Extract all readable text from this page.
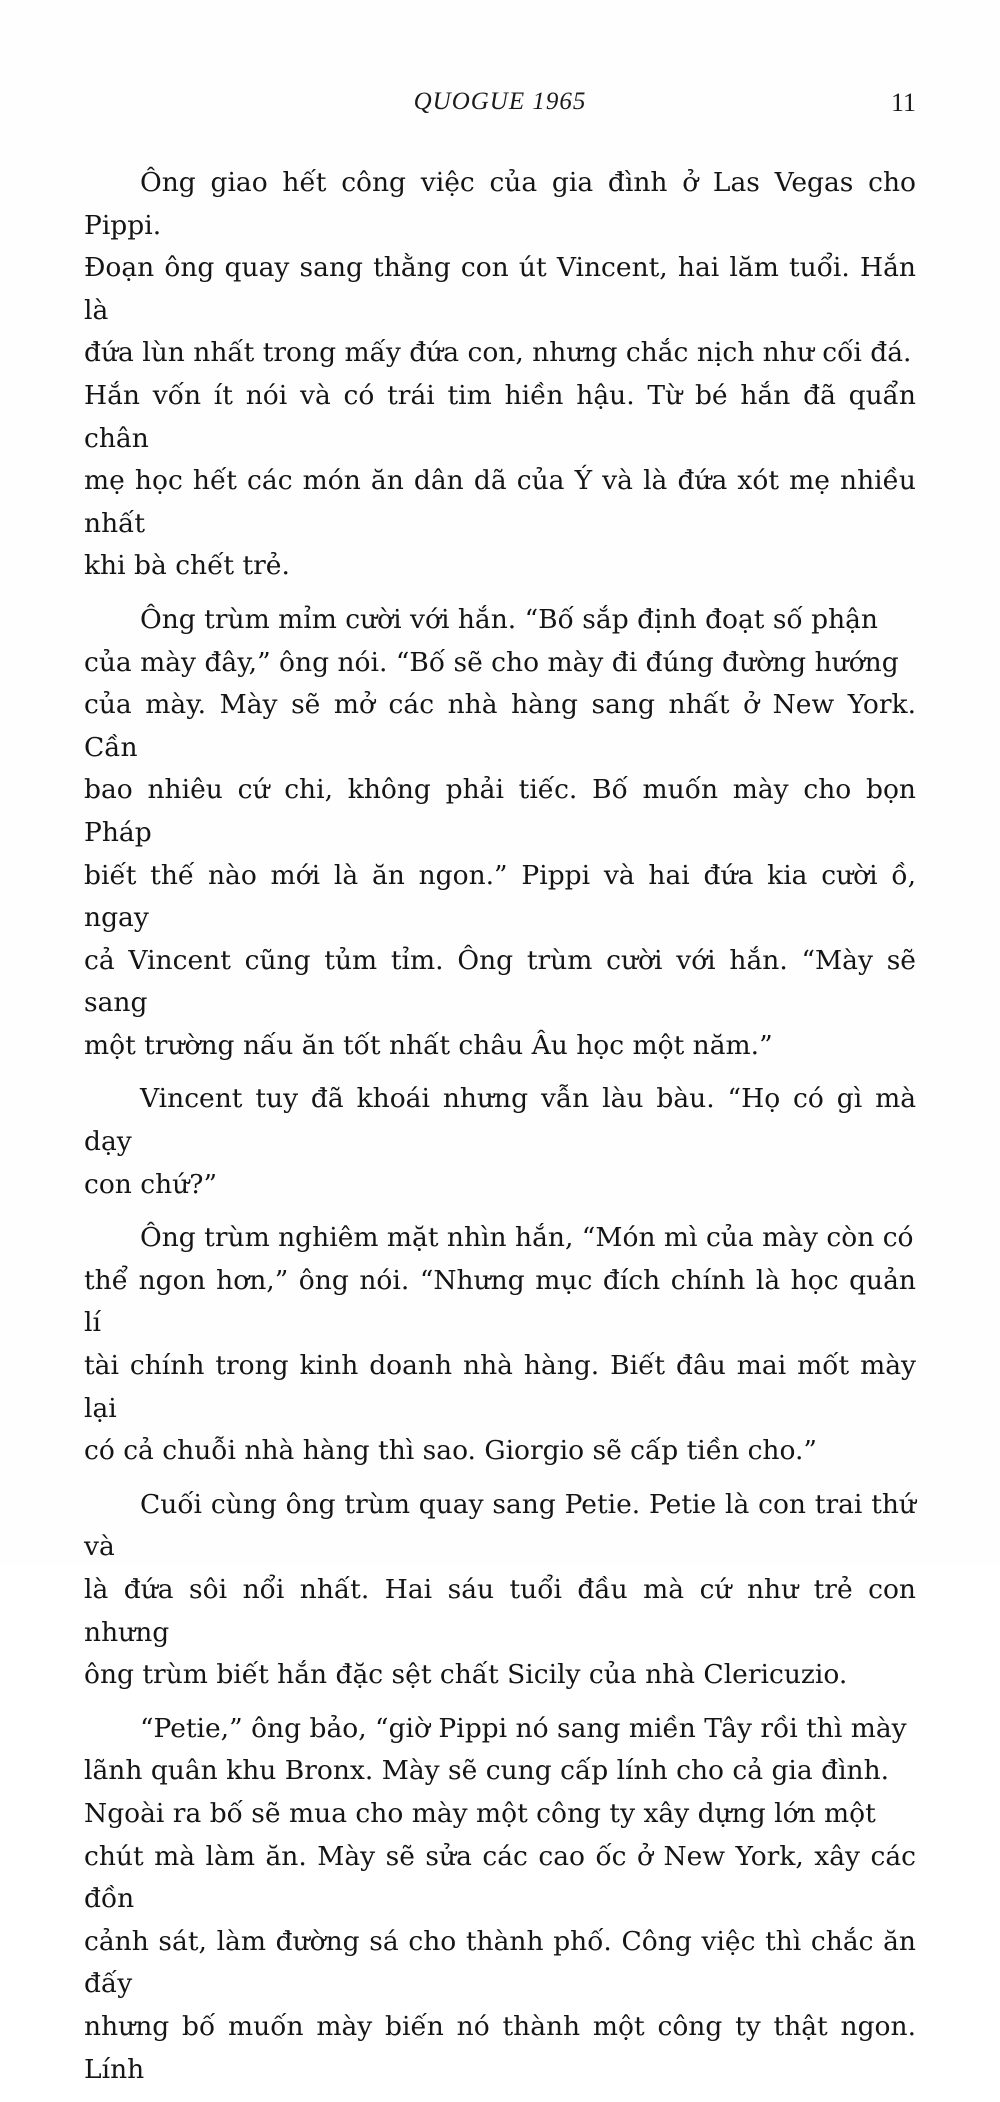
QUOGUE 1965	11

Ông giao hết công việc của gia đình ở Las Vegas cho Pippi.
Đoạn ông quay sang thằng con út Vincent, hai lăm tuổi. Hắn là
đứa lùn nhất trong mấy đứa con, nhưng chắc nịch như cối đá.
Hắn vốn ít nói và có trái tim hiền hậu. Từ bé hắn đã quẩn chân
mẹ học hết các món ăn dân dã của Ý và là đứa xót mẹ nhiều nhất
khi bà chết trẻ.

Ông trùm mỉm cười với hắn. “Bố sắp định đoạt số phận
của mày đây,” ông nói. “Bố sẽ cho mày đi đúng đường hướng
của mày. Mày sẽ mở các nhà hàng sang nhất ở New York. Cần
bao nhiêu cứ chi, không phải tiếc. Bố muốn mày cho bọn Pháp
biết thế nào mới là ăn ngon.” Pippi và hai đứa kia cười ồ, ngay
cả Vincent cũng tủm tỉm. Ông trùm cười với hắn. “Mày sẽ sang
một trường nấu ăn tốt nhất châu Âu học một năm.”

Vincent tuy đã khoái nhưng vẫn làu bàu. “Họ có gì mà dạy
con chứ?”

Ông trùm nghiêm mặt nhìn hắn, “Món mì của mày còn có
thể ngon hơn,” ông nói. “Nhưng mục đích chính là học quản lí
tài chính trong kinh doanh nhà hàng. Biết đâu mai mốt mày lại
có cả chuỗi nhà hàng thì sao. Giorgio sẽ cấp tiền cho.”

Cuối cùng ông trùm quay sang Petie. Petie là con trai thứ và
là đứa sôi nổi nhất. Hai sáu tuổi đầu mà cứ như trẻ con nhưng
ông trùm biết hắn đặc sệt chất Sicily của nhà Clericuzio.

“Petie,” ông bảo, “giờ Pippi nó sang miền Tây rồi thì mày
lãnh quân khu Bronx. Mày sẽ cung cấp lính cho cả gia đình.
Ngoài ra bố sẽ mua cho mày một công ty xây dựng lớn một
chút mà làm ăn. Mày sẽ sửa các cao ốc ở New York, xây các đồn
cảnh sát, làm đường sá cho thành phố. Công việc thì chắc ăn đấy
nhưng bố muốn mày biến nó thành một công ty thật ngon. Lính
